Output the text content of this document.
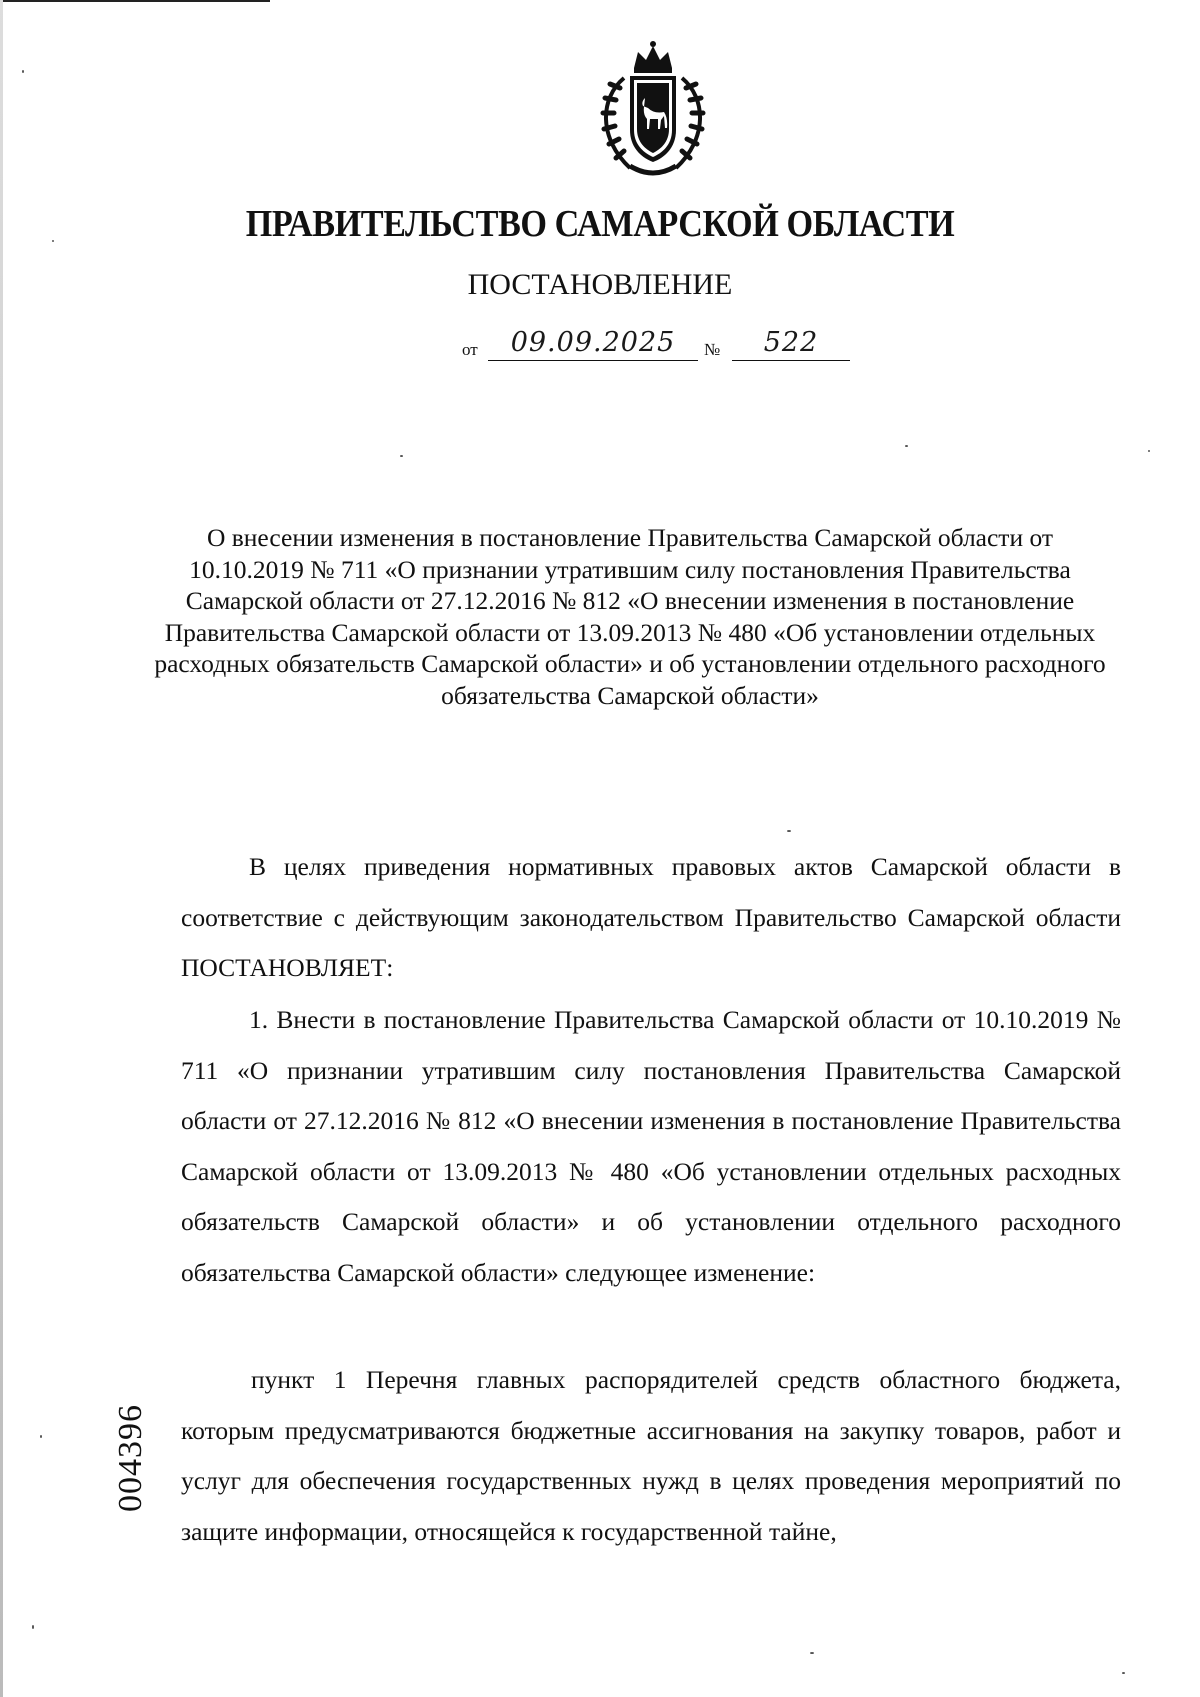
ПРАВИТЕЛЬСТВО САМАРСКОЙ ОБЛАСТИ
ПОСТАНОВЛЕНИЕ
от	09.09.2025	№	522

О внесении изменения в постановление Правительства Самарской области от 10.10.2019 № 711 «О признании утратившим силу постановления Правительства Самарской области от 27.12.2016 № 812 «О внесении изменения в постановление Правительства Самарской области от 13.09.2013 № 480 «Об установлении отдельных расходных обязательств Самарской области» и об установлении отдельного расходного обязательства Самарской области»

В целях приведения нормативных правовых актов Самарской области в соответствие с действующим законодательством Правительство Самарской области ПОСТАНОВЛЯЕТ:

1. Внести в постановление Правительства Самарской области от 10.10.2019 № 711 «О признании утратившим силу постановления Правительства Самарской области от 27.12.2016 № 812 «О внесении изменения в постановление Правительства Самарской области от 13.09.2013 № 480 «Об установлении отдельных расходных обязательств Самарской области» и об установлении отдельного расходного обязательства Самарской области» следующее изменение:

пункт 1 Перечня главных распорядителей средств областного бюджета, которым предусматриваются бюджетные ассигнования на закупку товаров, работ и услуг для обеспечения государственных нужд в целях проведения мероприятий по защите информации, относящейся к государственной тайне,

004396
